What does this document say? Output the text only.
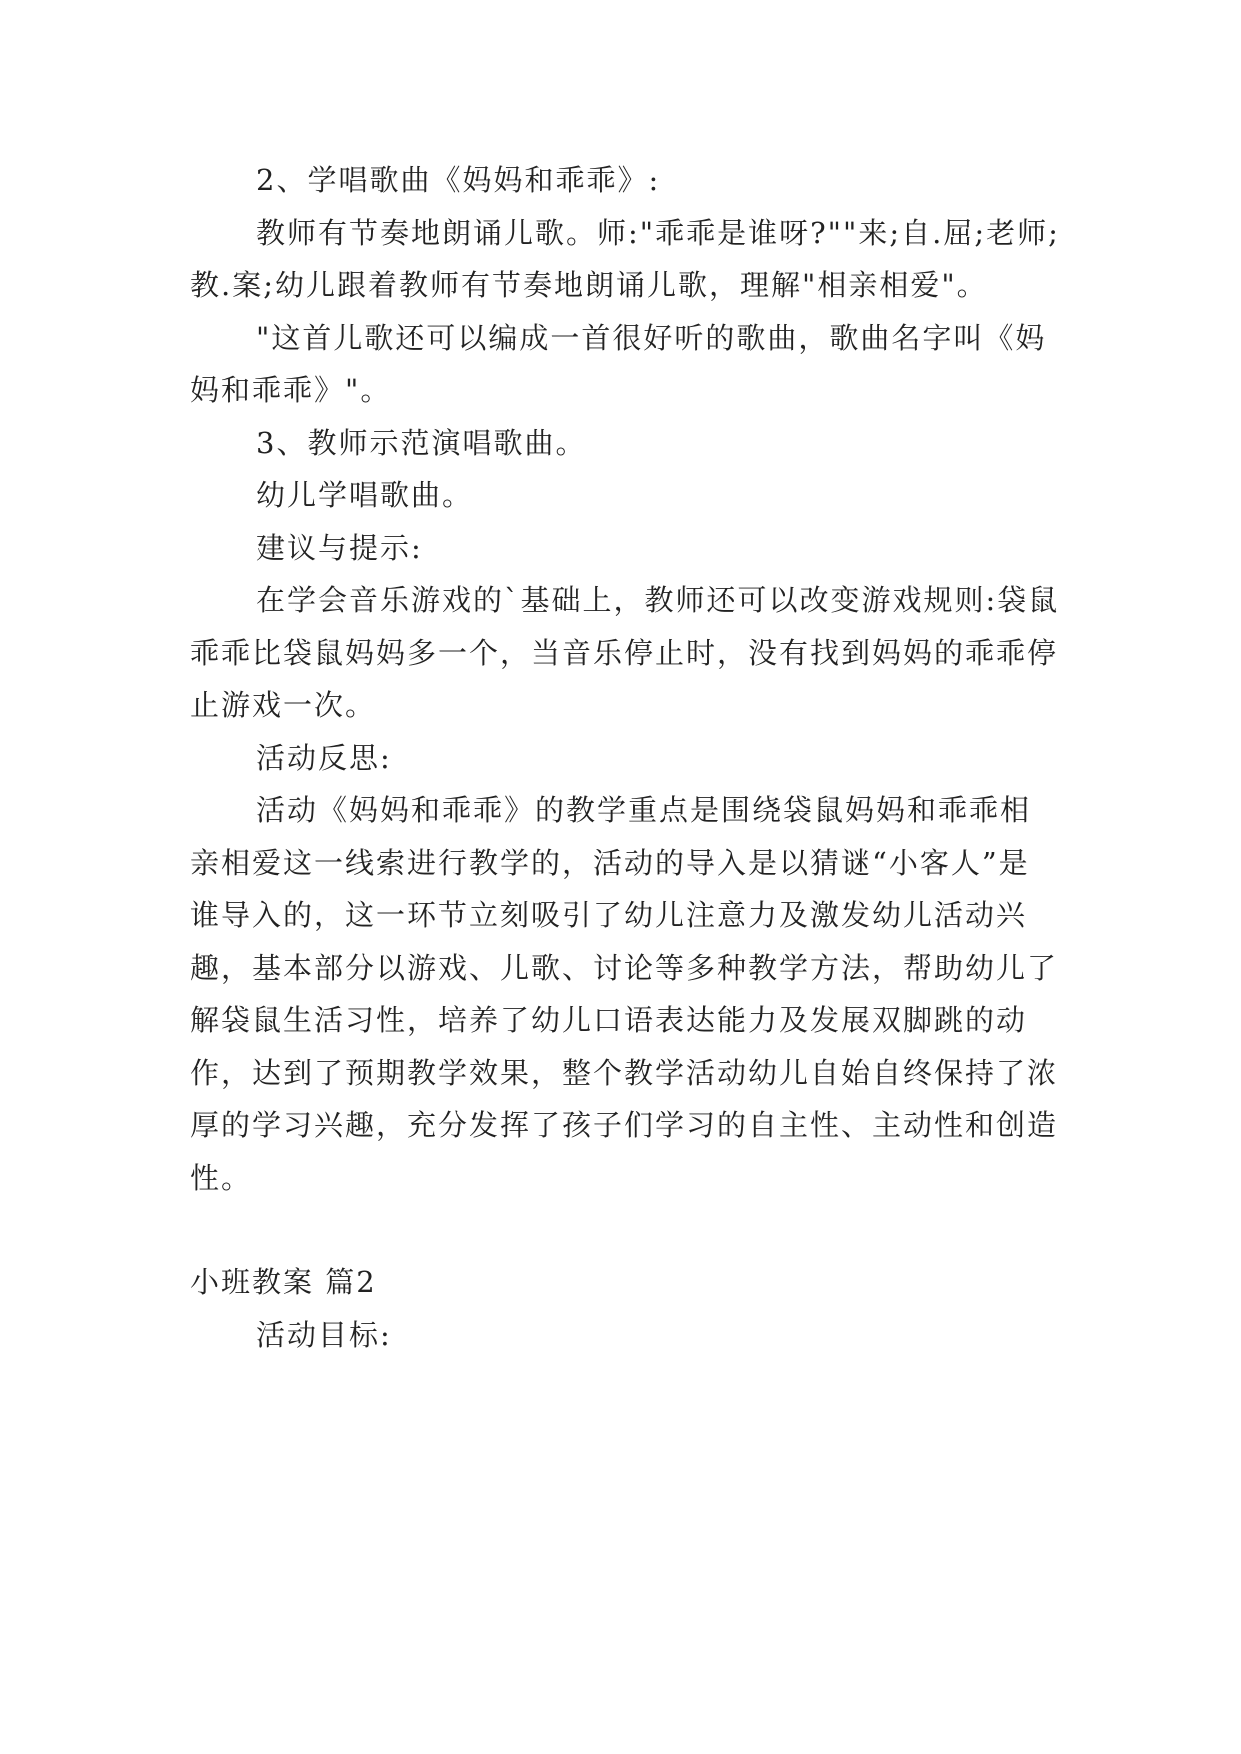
2、学唱歌曲《妈妈和乖乖》:

教师有节奏地朗诵儿歌。师:"乖乖是谁呀?""来;自.屈;老师;教.案;幼儿跟着教师有节奏地朗诵儿歌，理解"相亲相爱"。

"这首儿歌还可以编成一首很好听的歌曲，歌曲名字叫《妈妈和乖乖》"。

3、教师示范演唱歌曲。

幼儿学唱歌曲。

建议与提示:

在学会音乐游戏的`基础上，教师还可以改变游戏规则:袋鼠乖乖比袋鼠妈妈多一个，当音乐停止时，没有找到妈妈的乖乖停止游戏一次。

活动反思:

活动《妈妈和乖乖》的教学重点是围绕袋鼠妈妈和乖乖相亲相爱这一线索进行教学的，活动的导入是以猜谜“小客人”是谁导入的，这一环节立刻吸引了幼儿注意力及激发幼儿活动兴趣，基本部分以游戏、儿歌、讨论等多种教学方法，帮助幼儿了解袋鼠生活习性，培养了幼儿口语表达能力及发展双脚跳的动作，达到了预期教学效果，整个教学活动幼儿自始自终保持了浓厚的学习兴趣，充分发挥了孩子们学习的自主性、主动性和创造性。

小班教案 篇2

活动目标:
